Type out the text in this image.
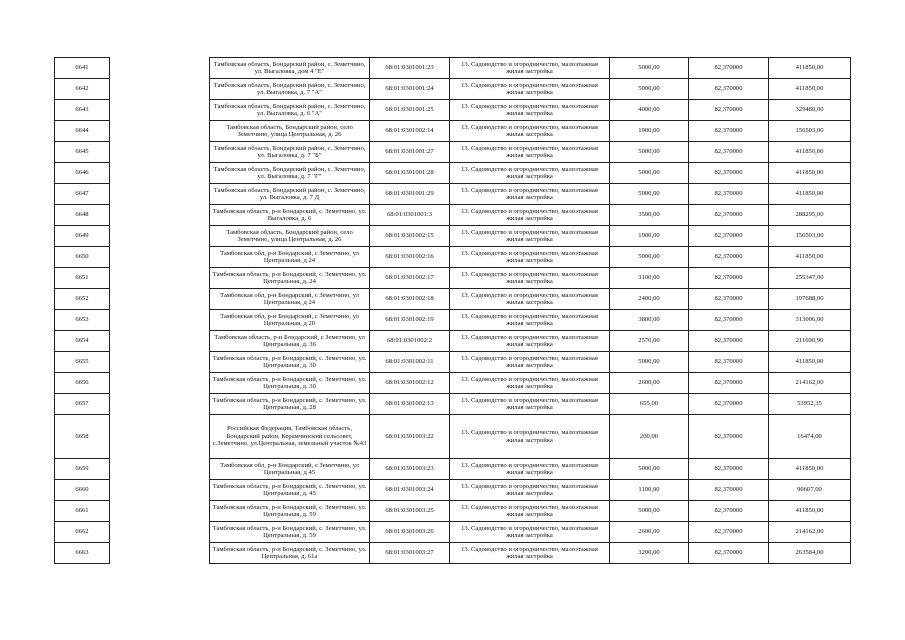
6641		Тамбовская область, Бондарский район, с. Земетчино, ул. Выгаловка, дом 4 "Е"	68:01:0301001:23	13. Садоводство и огородничество, малоэтажная жилая застройка	5000,00	82,370000	411850,00
6642		Тамбовская область, Бондарский район, с. Земетчино, ул. Выгаловка, д. 7 "А"	68:01:0301001:24	13. Садоводство и огородничество, малоэтажная жилая застройка	5000,00	82,370000	411850,00
6643		Тамбовская область, Бондарский район, с. Земетчино, ул. Выгаловка, д. 6 "А"	68:01:0301001:25	13. Садоводство и огородничество, малоэтажная жилая застройка	4000,00	82,370000	329480,00
6644		Тамбовская область, Бондарский район, село Земетчино, улица Центральная, д. 26	68:01:0301002:14	13. Садоводство и огородничество, малоэтажная жилая застройка	1900,00	82,370000	156503,00
6645		Тамбовская область, Бондарский район, с. Земетчино, ул. Выгаловка, д. 7 "Б"	68:01:0301001:27	13. Садоводство и огородничество, малоэтажная жилая застройка	5000,00	82,370000	411850,00
6646		Тамбовская область, Бондарский район, с. Земетчино, ул. Выгаловка, д. 7 "Г"	68:01:0301001:28	13. Садоводство и огородничество, малоэтажная жилая застройка	5000,00	82,370000	411850,00
6647		Тамбовская область, Бондарский район, с. Земетчино, ул. Выгаловка, д. 7 Д	68:01:0301001:29	13. Садоводство и огородничество, малоэтажная жилая застройка	5000,00	82,370000	411850,00
6648		Тамбовская область, р-н Бондарский, с. Земетчино, ул. Выгаловка, д. 6	68:01:0301001:3	13. Садоводство и огородничество, малоэтажная жилая застройка	3500,00	82,370000	288295,00
6649		Тамбовская область, Бондарский район, село Земетчино, улица Центральная, д. 26	68:01:0301002:15	13. Садоводство и огородничество, малоэтажная жилая застройка	1900,00	82,370000	156503,00
6650		Тамбовская обл, р-н Бондарский, с Земетчино, ул Центральная, д 24	68:01:0301002:16	13. Садоводство и огородничество, малоэтажная жилая застройка	5000,00	82,370000	411850,00
6651		Тамбовская область, р-н Бондарский, с. Земетчино, ул. Центральная, д. 24	68:01:0301002:17	13. Садоводство и огородничество, малоэтажная жилая застройка	3100,00	82,370000	255347,00
6652		Тамбовская обл, р-н Бондарский, с Земетчино, ул Центральная, д 24	68:01:0301002:18	13. Садоводство и огородничество, малоэтажная жилая застройка	2400,00	82,370000	197688,00
6653		Тамбовская обл, р-н Бондарский, с Земетчино, ул Центральная, д 20	68:01:0301002:19	13. Садоводство и огородничество, малоэтажная жилая застройка	3800,00	82,370000	313006,00
6654		Тамбовская область, р-н Бондарский, с Земетчино, ул Центральная, д. 36	68:01:0301002:2	13. Садоводство и огородничество, малоэтажная жилая застройка	2570,00	82,370000	211690,90
6655		Тамбовская область, р-н Бондарский, с. Земетчино, ул. Центральная, д. 30	68:01:0301002:11	13. Садоводство и огородничество, малоэтажная жилая застройка	5000,00	82,370000	411850,00
6656		Тамбовская область, р-н Бондарский, с. Земетчино, ул. Центральная, д. 30	68:01:0301002:12	13. Садоводство и огородничество, малоэтажная жилая застройка	2600,00	82,370000	214162,00
6657		Тамбовская область, р-н Бондарский, с. Земетчино, ул. Центральная, д. 28	68:01:0301002:13	13. Садоводство и огородничество, малоэтажная жилая застройка	655,00	82,370000	53952,35
6658		Российская Федерация, Тамбовская область, Бондарский район, Керамчинский сельсовет, с.Земетчино, ул.Центральная, земельный участок №43	68:01:0301003:22	13. Садоводство и огородничество, малоэтажная жилая застройка	200,00	82,370000	16474,00
6659		Тамбовская обл, р-н Бондарский, с Земетчино, ул Центральная, д 45	68:01:0301003:23	13. Садоводство и огородничество, малоэтажная жилая застройка	5000,00	82,370000	411850,00
6660		Тамбовская область, р-н Бондарский, с. Земетчино, ул. Центральная, д. 45	68:01:0301003:24	13. Садоводство и огородничество, малоэтажная жилая застройка	1100,00	82,370000	90607,00
6661		Тамбовская область, р-н Бондарский, с. Земетчино, ул. Центральная, д. 59	68:01:0301003:25	13. Садоводство и огородничество, малоэтажная жилая застройка	5000,00	82,370000	411850,00
6662		Тамбовская область, р-н Бондарский, с. Земетчино, ул. Центральная, д. 59	68:01:0301003:26	13. Садоводство и огородничество, малоэтажная жилая застройка	2600,00	82,370000	214162,00
6663		Тамбовская область, р-н Бондарский, с. Земетчино, ул. Центральная, д. 61а	68:01:0301003:27	13. Садоводство и огородничество, малоэтажная жилая застройка	3200,00	82,370000	263584,00
